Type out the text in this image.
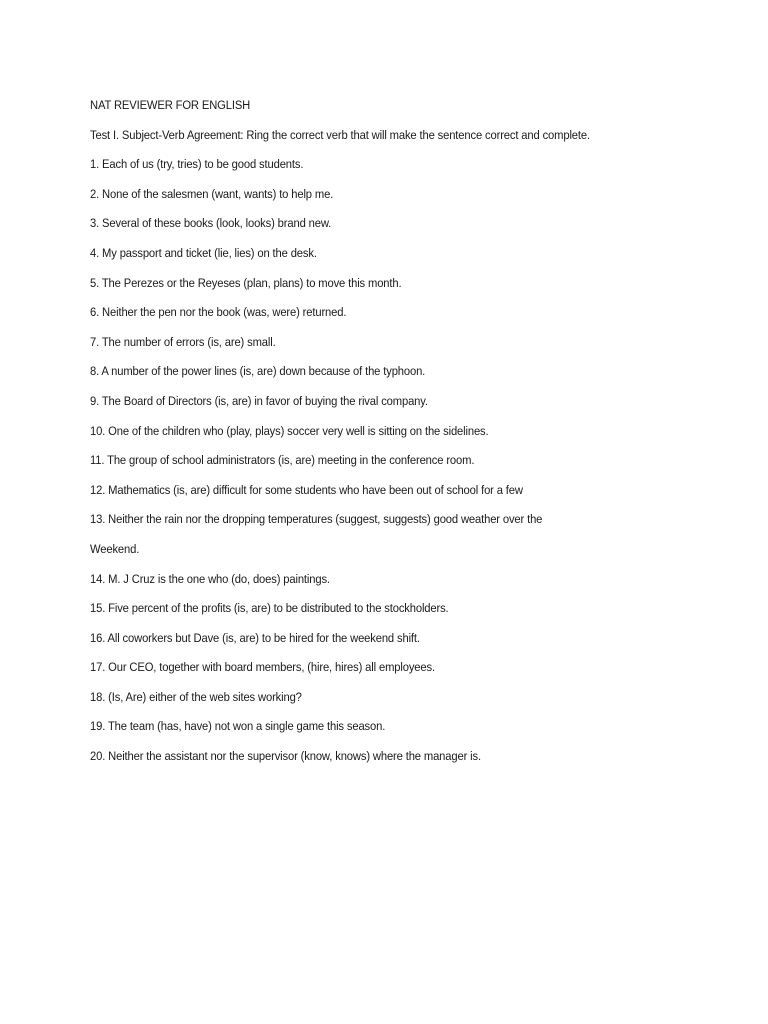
NAT REVIEWER FOR ENGLISH
Test I. Subject-Verb Agreement: Ring the correct verb that will make the sentence correct and complete.
1. Each of us (try, tries) to be good students.
2. None of the salesmen (want, wants) to help me.
3. Several of these books (look, looks) brand new.
4. My passport and ticket (lie, lies) on the desk.
5. The Perezes or the Reyeses (plan, plans) to move this month.
6. Neither the pen nor the book (was, were) returned.
7. The number of errors (is, are) small.
8. A number of the power lines (is, are) down because of the typhoon.
9. The Board of Directors (is, are) in favor of buying the rival company.
10. One of the children who (play, plays) soccer very well is sitting on the sidelines.
11. The group of school administrators (is, are) meeting in the conference room.
12. Mathematics (is, are) difficult for some students who have been out of school for a few
13. Neither the rain nor the dropping temperatures (suggest, suggests) good weather over the
Weekend.
14. M. J Cruz is the one who (do, does) paintings.
15. Five percent of the profits (is, are) to be distributed to the stockholders.
16. All coworkers but Dave (is, are) to be hired for the weekend shift.
17. Our CEO, together with board members, (hire, hires) all employees.
18. (Is, Are) either of the web sites working?
19. The team (has, have) not won a single game this season.
20. Neither the assistant nor the supervisor (know, knows) where the manager is.
